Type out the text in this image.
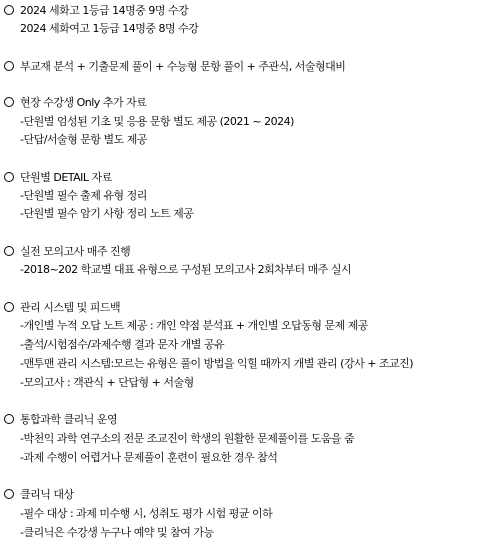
2024 세화고 1등급 14명중 9명 수강
2024 세화여고 1등급 14명중 8명 수강
부교재 분석 + 기출문제 풀이 + 수능형 문항 풀이 + 주관식, 서술형대비
현장 수강생 Only 추가 자료
-단원별 엄성된 기초 및 응용 문항 별도 제공 (2021 ~ 2024)
-단답/서술형 문항 별도 제공
단원별 DETAIL 자료
-단원별 필수 출제 유형 정리
-단원별 필수 암기 사항 정리 노트 제공
실전 모의고사 매주 진행
-2018~202 학교별 대표 유형으로 구성된 모의고사 2회차부터 매주 실시
관리 시스템 및 피드백
-개인별 누적 오답 노트 제공 : 개인 약점 분석표 + 개인별 오답동형 문제 제공
-출석/시험점수/과제수행 결과 문자 개별 공유
-맨투맨 관리 시스템:모르는 유형은 풀이 방법을 익힐 때까지 개별 관리 (강사 + 조교진)
-모의고사 : 객관식 + 단답형 + 서술형
통합과학 클리닉 운영
-박천익 과학 연구소의 전문 조교진이 학생의 원활한 문제풀이를 도움을 줌
-과제 수행이 어렵거나 문제풀이 훈련이 필요한 경우 참석
클리닉 대상
-필수 대상 : 과제 미수행 시, 성취도 평가 시험 평균 이하
-클리닉은 수강생 누구나 예약 및 참여 가능
